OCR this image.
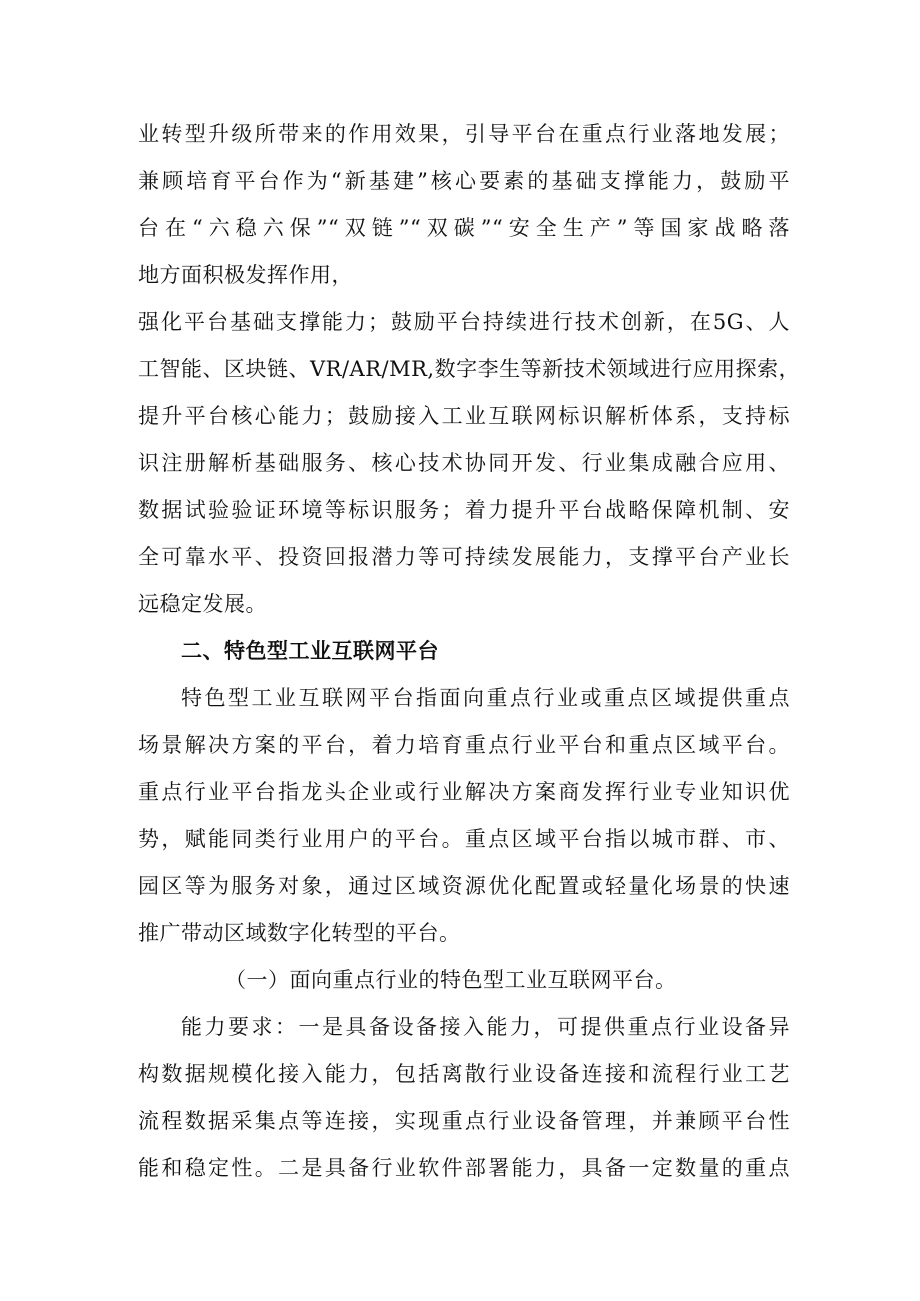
业转型升级所带来的作用效果，引导平台在重点行业落地发展；
兼顾培育平台作为“新基建”核心要素的基础支撑能力，鼓励平
台在“六稳六保”“双链”“双碳”“安全生产”等国家战略落
地方面积极发挥作用，
强化平台基础支撑能力；鼓励平台持续进行技术创新，在5G、人
工智能、区块链、VR/AR/MR,数字李生等新技术领域进行应用探索，
提升平台核心能力；鼓励接入工业互联网标识解析体系，支持标
识注册解析基础服务、核心技术协同开发、行业集成融合应用、
数据试验验证环境等标识服务；着力提升平台战略保障机制、安
全可靠水平、投资回报潜力等可持续发展能力，支撑平台产业长
远稳定发展。
二、特色型工业互联网平台
特色型工业互联网平台指面向重点行业或重点区域提供重点
场景解决方案的平台，着力培育重点行业平台和重点区域平台。
重点行业平台指龙头企业或行业解决方案商发挥行业专业知识优
势，赋能同类行业用户的平台。重点区域平台指以城市群、市、
园区等为服务对象，通过区域资源优化配置或轻量化场景的快速
推广带动区域数字化转型的平台。
（一）面向重点行业的特色型工业互联网平台。
能力要求：一是具备设备接入能力，可提供重点行业设备异
构数据规模化接入能力，包括离散行业设备连接和流程行业工艺
流程数据采集点等连接，实现重点行业设备管理，并兼顾平台性
能和稳定性。二是具备行业软件部署能力，具备一定数量的重点
